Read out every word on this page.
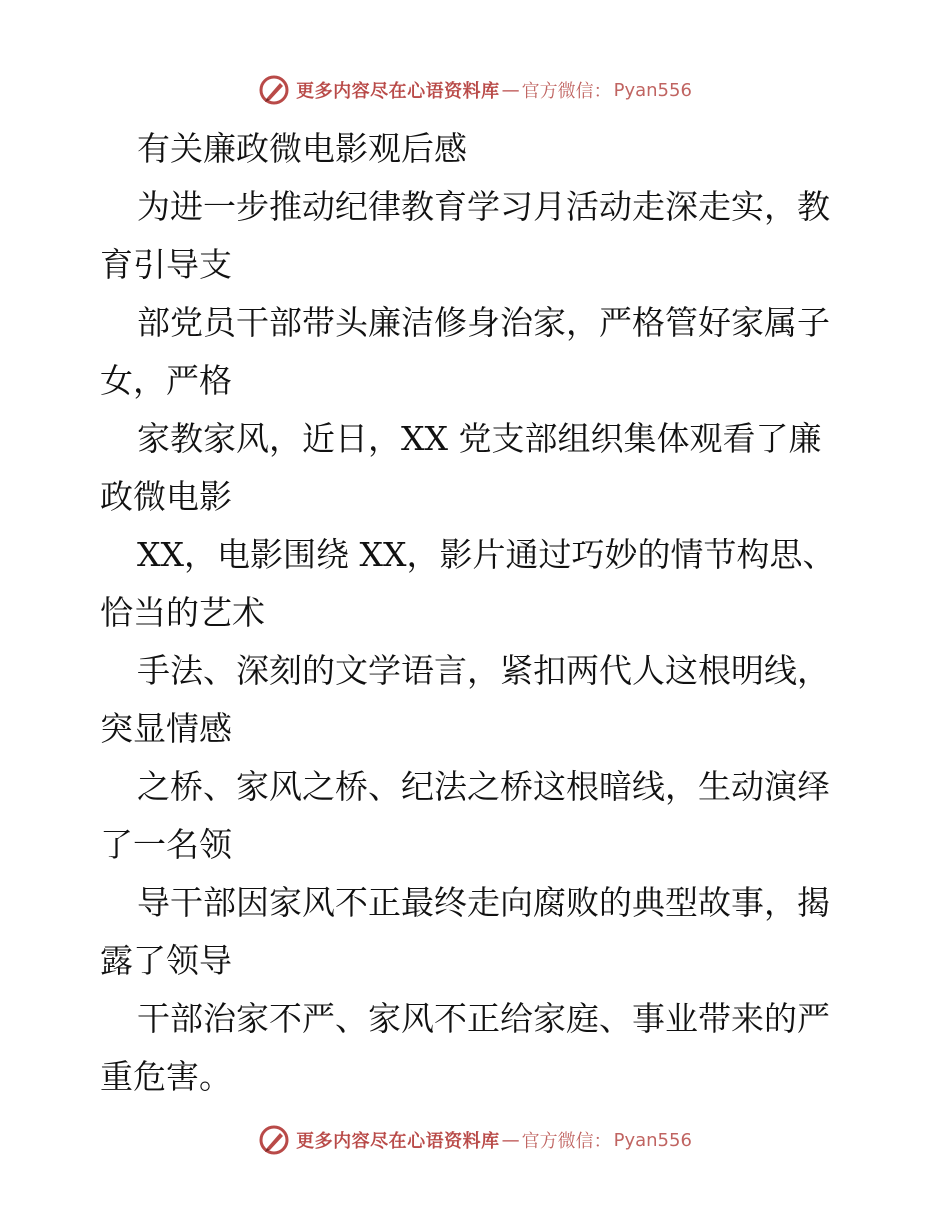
更多内容尽在心语资料库 — 官方微信： Pyan556
有关廉政微电影观后感
为进一步推动纪律教育学习月活动走深走实，教
育引导支
部党员干部带头廉洁修身治家，严格管好家属子
女，严格
家教家风，近日，XX 党支部组织集体观看了廉
政微电影
XX，电影围绕 XX，影片通过巧妙的情节构思、
恰当的艺术
手法、深刻的文学语言，紧扣两代人这根明线，
突显情感
之桥、家风之桥、纪法之桥这根暗线，生动演绎
了一名领
导干部因家风不正最终走向腐败的典型故事，揭
露了领导
干部治家不严、家风不正给家庭、事业带来的严
重危害。
更多内容尽在心语资料库 — 官方微信： Pyan556
